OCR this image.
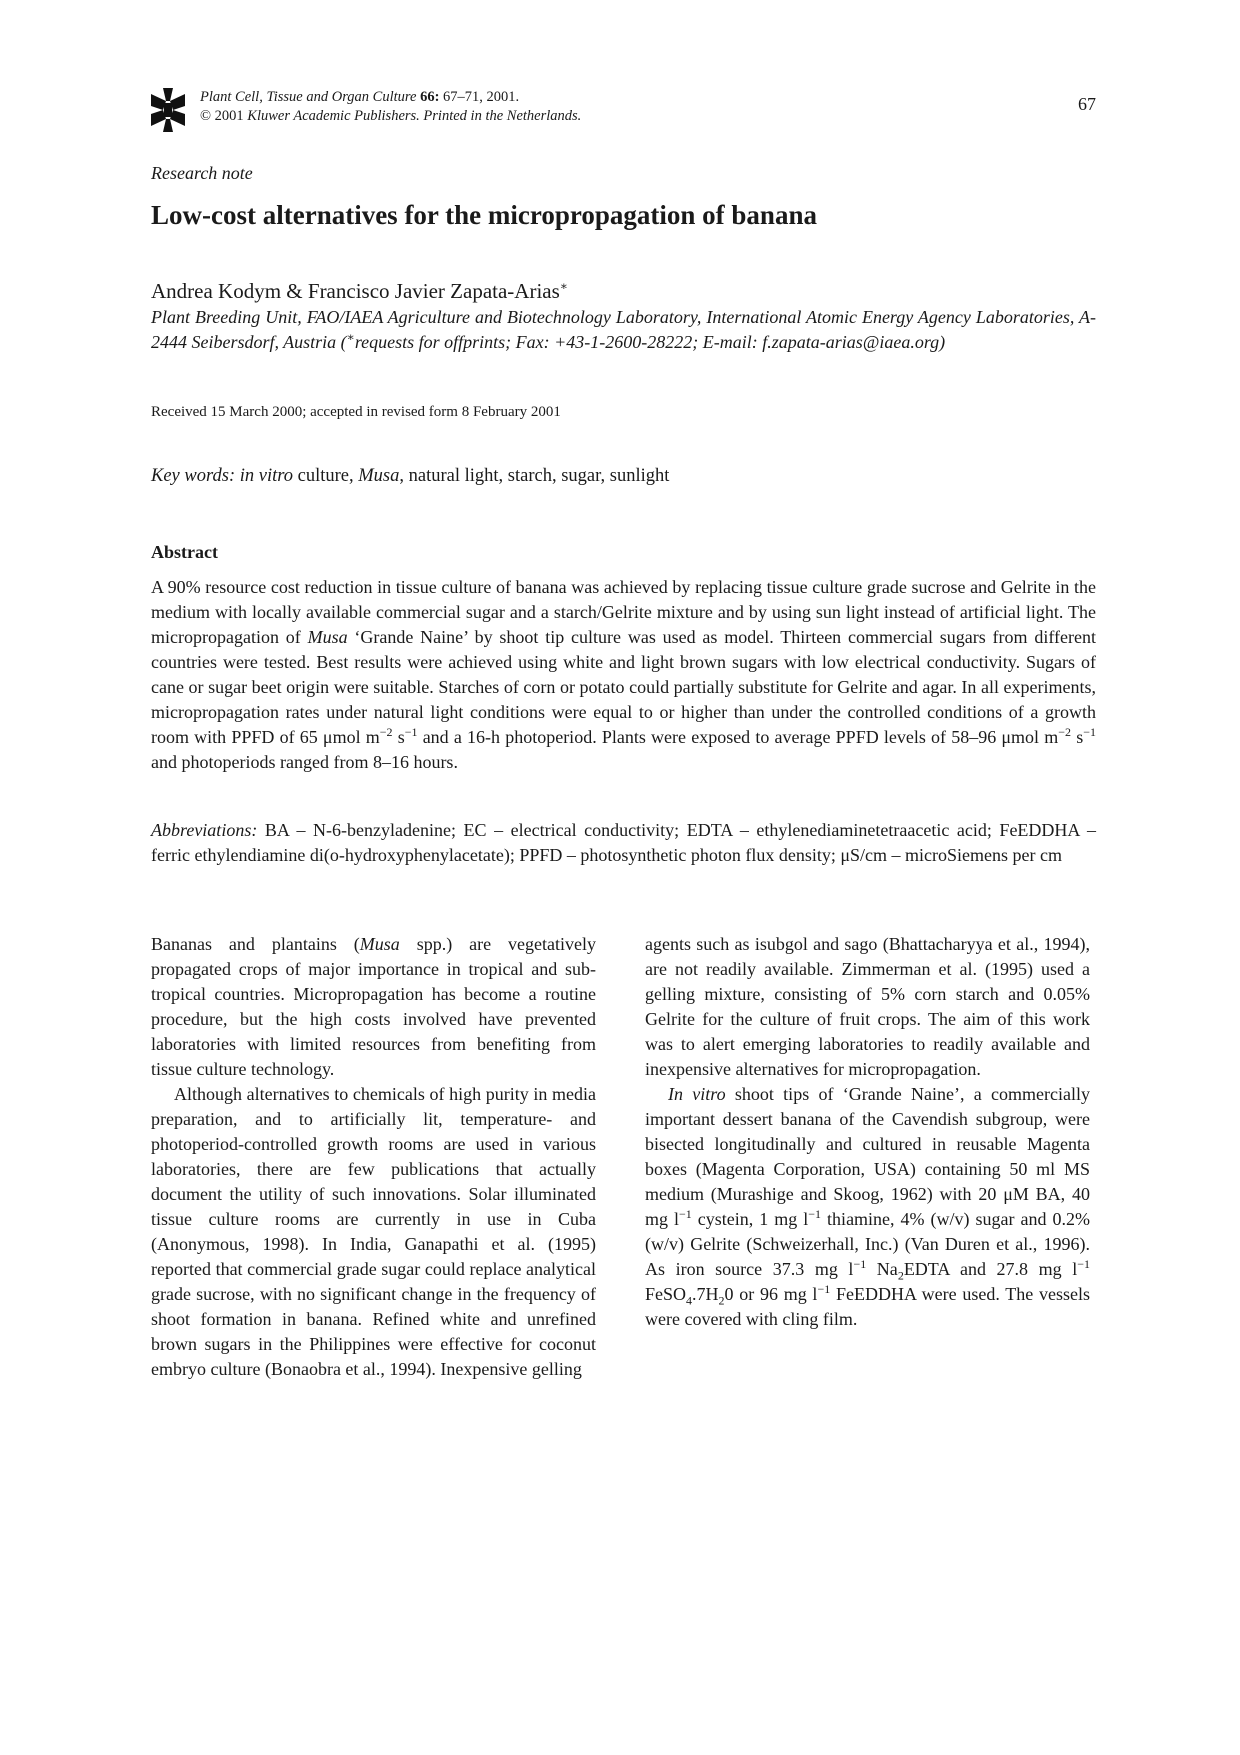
Plant Cell, Tissue and Organ Culture 66: 67–71, 2001.
© 2001 Kluwer Academic Publishers. Printed in the Netherlands.
67
Research note
Low-cost alternatives for the micropropagation of banana
Andrea Kodym & Francisco Javier Zapata-Arias∗
Plant Breeding Unit, FAO/IAEA Agriculture and Biotechnology Laboratory, International Atomic Energy Agency Laboratories, A-2444 Seibersdorf, Austria (∗requests for offprints; Fax: +43-1-2600-28222; E-mail: f.zapata-arias@iaea.org)
Received 15 March 2000; accepted in revised form 8 February 2001
Key words: in vitro culture, Musa, natural light, starch, sugar, sunlight
Abstract
A 90% resource cost reduction in tissue culture of banana was achieved by replacing tissue culture grade sucrose and Gelrite in the medium with locally available commercial sugar and a starch/Gelrite mixture and by using sun light instead of artificial light. The micropropagation of Musa ‘Grande Naine’ by shoot tip culture was used as model. Thirteen commercial sugars from different countries were tested. Best results were achieved using white and light brown sugars with low electrical conductivity. Sugars of cane or sugar beet origin were suitable. Starches of corn or potato could partially substitute for Gelrite and agar. In all experiments, micropropagation rates under natural light conditions were equal to or higher than under the controlled conditions of a growth room with PPFD of 65 μmol $m^{-2}$ $s^{-1}$ and a 16-h photoperiod. Plants were exposed to average PPFD levels of 58–96 μmol $m^{-2}$ $s^{-1}$ and photoperiods ranged from 8–16 hours.
Abbreviations: BA – N-6-benzyladenine; EC – electrical conductivity; EDTA – ethylenediaminetetraacetic acid; FeEDDHA – ferric ethylendiamine di(o-hydroxyphenylacetate); PPFD – photosynthetic photon flux density; μS/cm – microSiemens per cm

Bananas and plantains (Musa spp.) are vegetatively propagated crops of major importance in tropical and sub-tropical countries. Micropropagation has become a routine procedure, but the high costs involved have prevented laboratories with limited resources from benefiting from tissue culture technology.

Although alternatives to chemicals of high purity in media preparation, and to artificially lit, temperature- and photoperiod-controlled growth rooms are used in various laboratories, there are few publications that actually document the utility of such innovations. Solar illuminated tissue culture rooms are currently in use in Cuba (Anonymous, 1998). In India, Ganapathi et al. (1995) reported that commercial grade sugar could replace analytical grade sucrose, with no significant change in the frequency of shoot formation in banana. Refined white and unrefined brown sugars in the Philippines were effective for coconut embryo culture (Bonaobra et al., 1994). Inexpensive gelling

agents such as isubgol and sago (Bhattacharyya et al., 1994), are not readily available. Zimmerman et al. (1995) used a gelling mixture, consisting of 5% corn starch and 0.05% Gelrite for the culture of fruit crops. The aim of this work was to alert emerging laboratories to readily available and inexpensive alternatives for micropropagation.

In vitro shoot tips of ‘Grande Naine’, a commercially important dessert banana of the Cavendish subgroup, were bisected longitudinally and cultured in reusable Magenta boxes (Magenta Corporation, USA) containing 50 ml MS medium (Murashige and Skoog, 1962) with 20 μM BA, 40 mg $l^{-1}$ cystein, 1 mg $l^{-1}$ thiamine, 4% (w/v) sugar and 0.2% (w/v) Gelrite (Schweizerhall, Inc.) (Van Duren et al., 1996). As iron source 37.3 mg $l^{-1}$ $Na_2EDTA$ and 27.8 mg $l^{-1}$ $FeSO_4.7H_20$ or 96 mg $l^{-1}$ FeEDDHA were used. The vessels were covered with cling film.
